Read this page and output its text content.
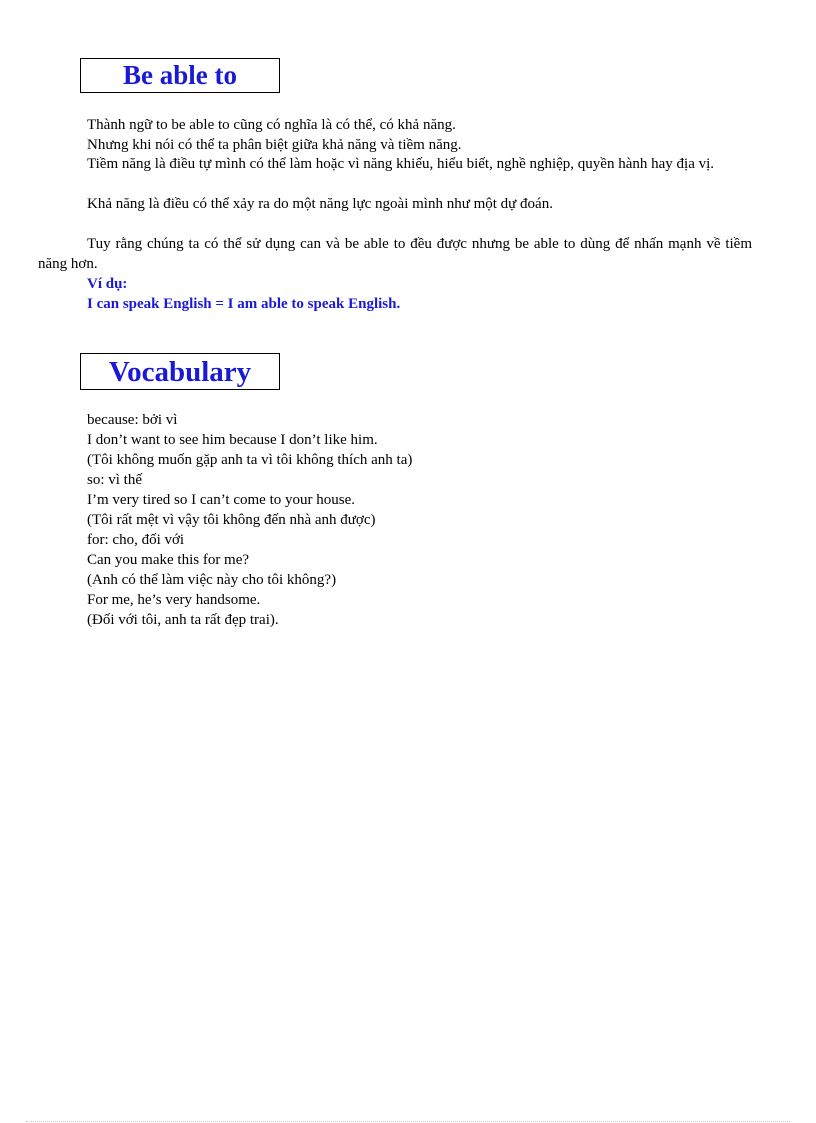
Be able to
Thành ngữ to be able to cũng có nghĩa là có thể, có khả năng.
Nhưng khi nói có thể ta phân biệt giữa khả năng và tiềm năng.
Tiềm năng là điều tự mình có thể làm hoặc vì năng khiếu, hiểu biết, nghề nghiệp, quyền hành hay địa vị.
Khả năng là điều có thể xảy ra do một năng lực ngoài mình như một dự đoán.
Tuy rằng chúng ta có thể sử dụng can và be able to đều được nhưng be able to dùng để nhấn mạnh về tiềm năng hơn.
Ví dụ:
I can speak English = I am able to speak English.
Vocabulary
because: bởi vì
I don’t want to see him because I don’t like him.
(Tôi không muốn gặp anh ta vì tôi không thích anh ta)
so: vì thế
I’m very tired so I can’t come to your house.
(Tôi rất mệt vì vậy tôi không đến nhà anh được)
for: cho, đối với
Can you make this for me?
(Anh có thể làm việc này cho tôi không?)
For me, he’s very handsome.
(Đối với tôi, anh ta rất đẹp trai).
